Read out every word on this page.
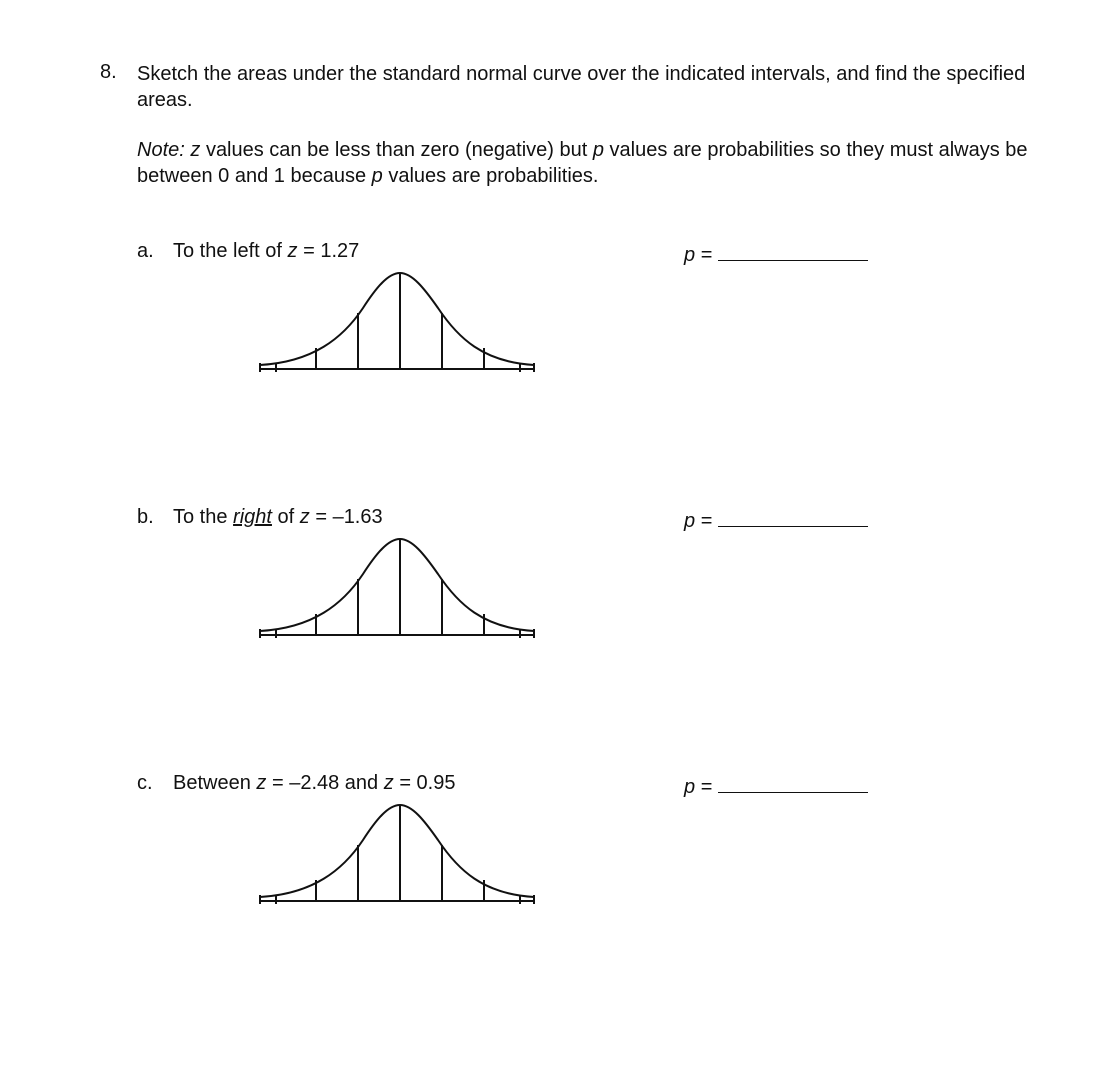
8. Sketch the areas under the standard normal curve over the indicated intervals, and find the specified areas.
Note: z values can be less than zero (negative) but p values are probabilities so they must always be between 0 and 1 because p values are probabilities.
a. To the left of z = 1.27	p =
b. To the right of z = –1.63	p =
c. Between z = –2.48 and z = 0.95	p =
